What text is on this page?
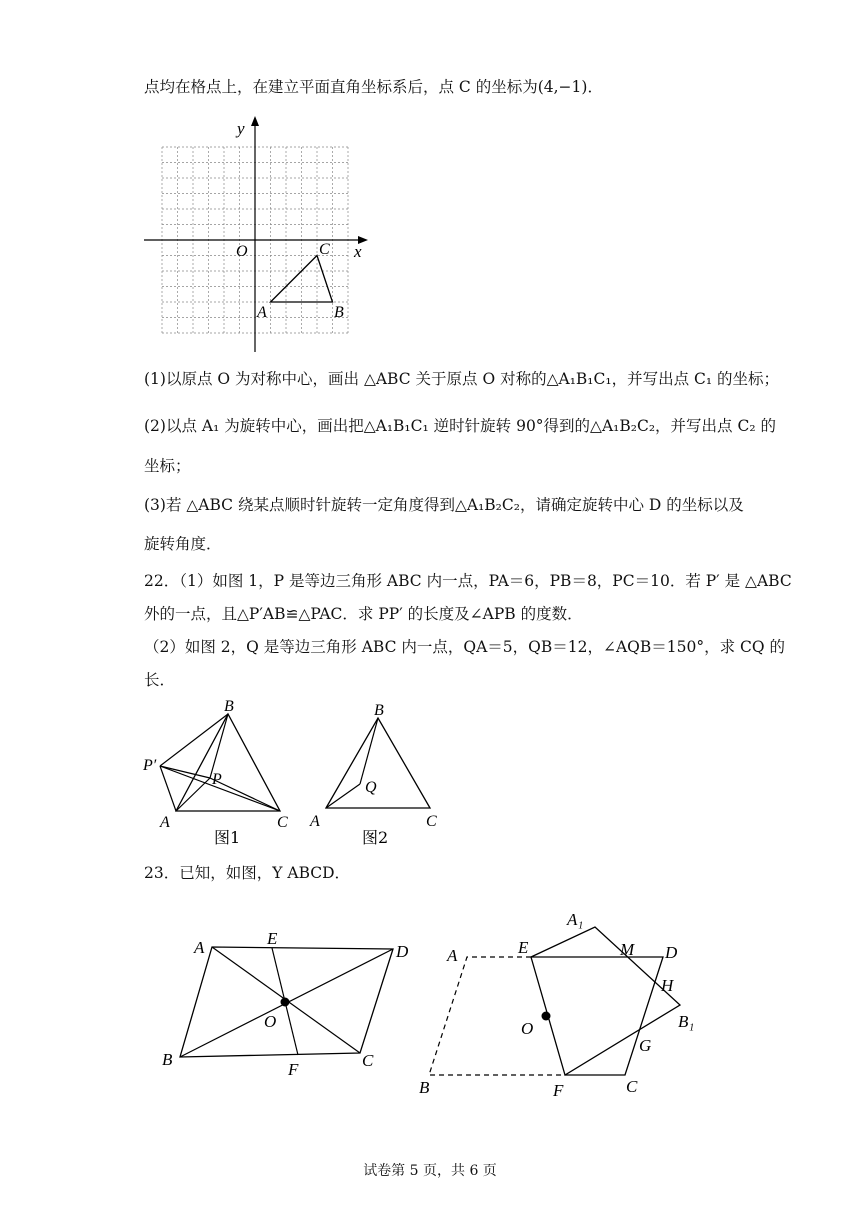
点均在格点上，在建立平面直角坐标系后，点 C 的坐标为(4,−1)．
y
x
O	C
A	B
(1)以原点 O 为对称中心，画出 △ABC 关于原点 O 对称的△A₁B₁C₁，并写出点 C₁ 的坐标；
(2)以点 A₁ 为旋转中心，画出把△A₁B₁C₁ 逆时针旋转 90°得到的△A₁B₂C₂，并写出点 C₂ 的
坐标；
(3)若 △ABC 绕某点顺时针旋转一定角度得到△A₁B₂C₂，请确定旋转中心 D 的坐标以及
旋转角度．
22．（1）如图 1，P 是等边三角形 ABC 内一点，PA＝6，PB＝8，PC＝10．若 P′ 是 △ABC
外的一点，且△P′AB≌△PAC．求 PP′ 的长度及∠APB 的度数．
（2）如图 2，Q 是等边三角形 ABC 内一点，QA＝5，QB＝12，∠AQB＝150°，求 CQ 的
长．
B
P′
P
A	C
图1
B
Q
A	C
图2
23．已知，如图，Y ABCD．
A	E
D
O
B
F	C
A	E
A₁
M D
H
B₁
O
G
B	F	C
试卷第 5 页，共 6 页
